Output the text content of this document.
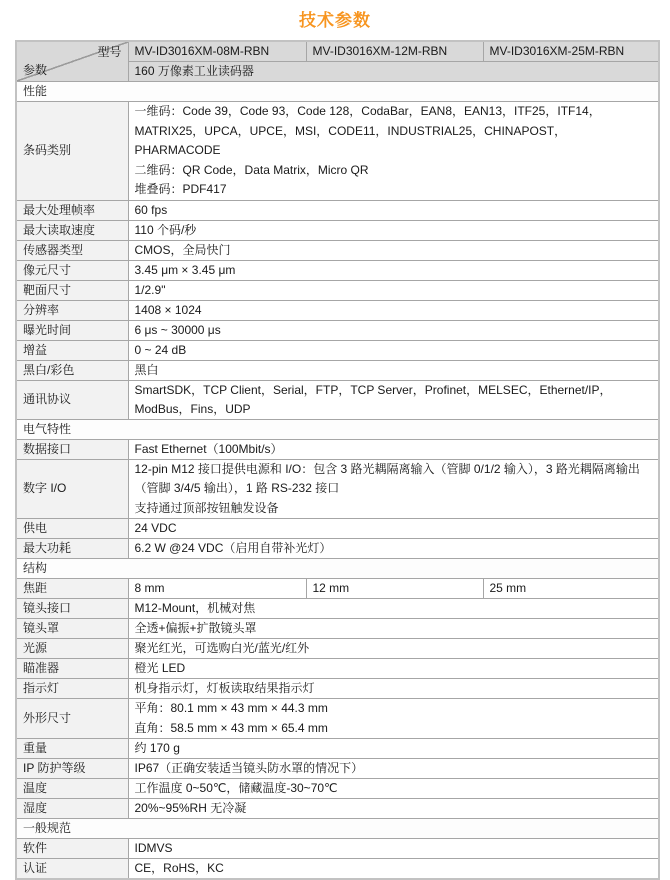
技术参数
型号
参数	MV-ID3016XM-08M-RBN	MV-ID3016XM-12M-RBN	MV-ID3016XM-25M-RBN
	160 万像素工业读码器		
性能			
条码类别	一维码：Code 39，Code 93，Code 128，CodaBar，EAN8，EAN13，ITF25，ITF14，MATRIX25，UPCA，UPCE，MSI，CODE11，INDUSTRIAL25，CHINAPOST，PHARMACODE
二维码：QR Code，Data Matrix，Micro QR
堆叠码：PDF417		

最大处理帧率	60 fps		
最大读取速度	110 个码/秒		
传感器类型	CMOS，全局快门		
像元尺寸	3.45 μm × 3.45 μm		
靶面尺寸	1/2.9"		
分辨率	1408 × 1024		
曝光时间	6 μs ~ 30000 μs		
增益	0 ~ 24 dB		
黑白/彩色	黑白		
通讯协议	SmartSDK，TCP Client，Serial，FTP，TCP Server，Profinet，MELSEC，Ethernet/IP，ModBus，Fins，UDP		
电气特性			
数据接口	Fast Ethernet（100Mbit/s）		
数字 I/O	12-pin M12 接口提供电源和 I/O：包含 3 路光耦隔离输入（管脚 0/1/2 输入），3 路光耦隔离输出（管脚 3/4/5 输出），1 路 RS-232 接口
支持通过顶部按钮触发设备		

供电	24 VDC		
最大功耗	6.2 W @24 VDC（启用自带补光灯）		
结构			
焦距	8 mm	12 mm	25 mm
镜头接口	M12-Mount，机械对焦		
镜头罩	全透+偏振+扩散镜头罩		
光源	聚光红光，可选购白光/蓝光/红外		
瞄准器	橙光 LED		
指示灯	机身指示灯，灯板读取结果指示灯		
外形尺寸	平角：80.1 mm × 43 mm × 44.3 mm
直角：58.5 mm × 43 mm × 65.4 mm		

重量	约 170 g		
IP 防护等级	IP67（正确安装适当镜头防水罩的情况下）		
温度	工作温度 0~50℃，储藏温度-30~70℃		
湿度	20%~95%RH 无冷凝		
一般规范			
软件	IDMVS		
认证	CE，RoHS，KC		
